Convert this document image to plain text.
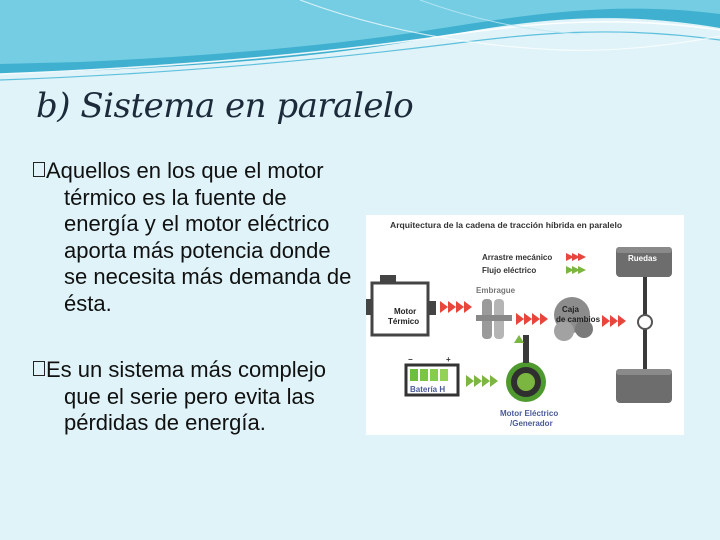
b) Sistema en paralelo
Aquellos en los que el motor térmico es la fuente de energía y el motor eléctrico aporta más potencia donde se necesita más demanda de ésta.
Es un sistema más complejo que el serie pero evita las pérdidas de energía.
Arquitectura de la cadena de tracción híbrida en paralelo
Arrastre mecánico
Flujo eléctrico
Ruedas
Motor
Térmico
Embrague
Caja
de cambios
−	+
Batería H
Motor Eléctrico
/Generador
